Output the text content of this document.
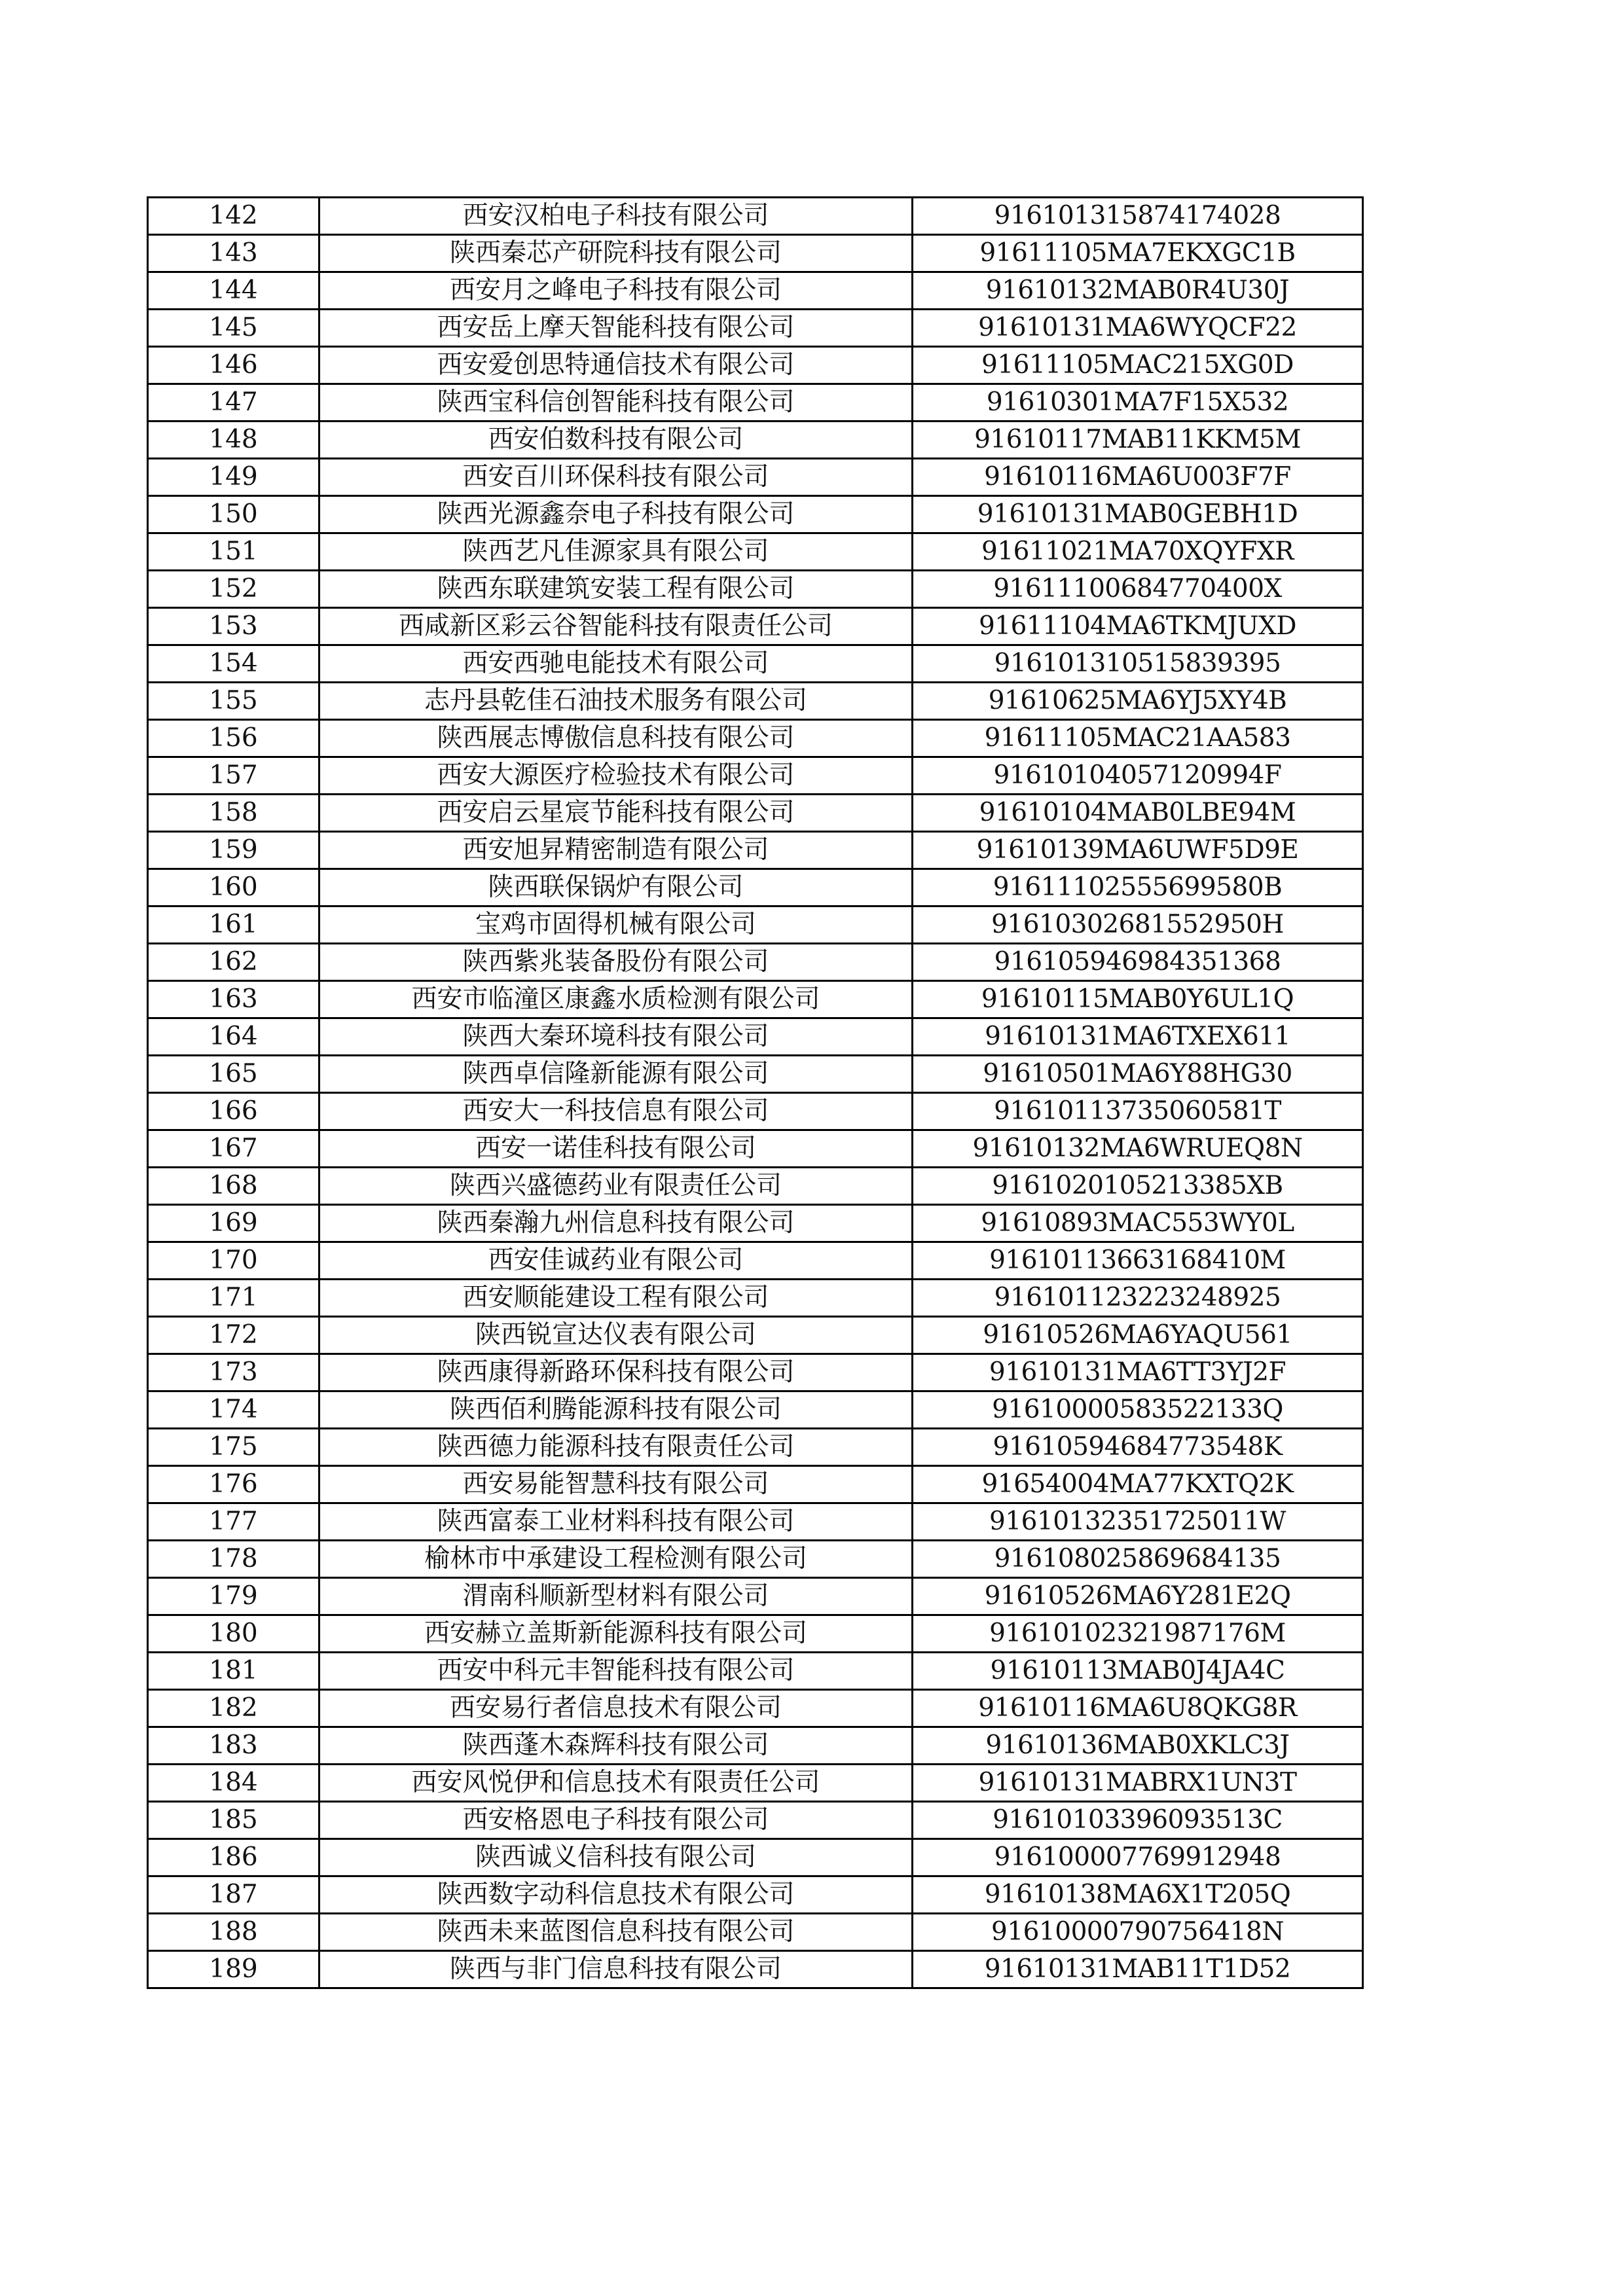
142	西安汉柏电子科技有限公司	916101315874174028
143	陕西秦芯产研院科技有限公司	91611105MA7EKXGC1B
144	西安月之峰电子科技有限公司	91610132MAB0R4U30J
145	西安岳上摩天智能科技有限公司	91610131MA6WYQCF22
146	西安爱创思特通信技术有限公司	91611105MAC215XG0D
147	陕西宝科信创智能科技有限公司	91610301MA7F15X532
148	西安伯数科技有限公司	91610117MAB11KKM5M
149	西安百川环保科技有限公司	91610116MA6U003F7F
150	陕西光源鑫奈电子科技有限公司	91610131MAB0GEBH1D
151	陕西艺凡佳源家具有限公司	91611021MA70XQYFXR
152	陕西东联建筑安装工程有限公司	91611100684770400X
153	西咸新区彩云谷智能科技有限责任公司	91611104MA6TKMJUXD
154	西安西驰电能技术有限公司	916101310515839395
155	志丹县乾佳石油技术服务有限公司	91610625MA6YJ5XY4B
156	陕西展志博傲信息科技有限公司	91611105MAC21AA583
157	西安大源医疗检验技术有限公司	91610104057120994F
158	西安启云星宸节能科技有限公司	91610104MAB0LBE94M
159	西安旭昇精密制造有限公司	91610139MA6UWF5D9E
160	陕西联保锅炉有限公司	91611102555699580B
161	宝鸡市固得机械有限公司	91610302681552950H
162	陕西紫兆装备股份有限公司	916105946984351368
163	西安市临潼区康鑫水质检测有限公司	91610115MAB0Y6UL1Q
164	陕西大秦环境科技有限公司	91610131MA6TXEX611
165	陕西卓信隆新能源有限公司	91610501MA6Y88HG30
166	西安大一科技信息有限公司	91610113735060581T
167	西安一诺佳科技有限公司	91610132MA6WRUEQ8N
168	陕西兴盛德药业有限责任公司	9161020105213385XB
169	陕西秦瀚九州信息科技有限公司	91610893MAC553WY0L
170	西安佳诚药业有限公司	91610113663168410M
171	西安顺能建设工程有限公司	916101123223248925
172	陕西锐宣达仪表有限公司	91610526MA6YAQU561
173	陕西康得新路环保科技有限公司	91610131MA6TT3YJ2F
174	陕西佰利腾能源科技有限公司	91610000583522133Q
175	陕西德力能源科技有限责任公司	91610594684773548K
176	西安易能智慧科技有限公司	91654004MA77KXTQ2K
177	陕西富泰工业材料科技有限公司	91610132351725011W
178	榆林市中承建设工程检测有限公司	916108025869684135
179	渭南科顺新型材料有限公司	91610526MA6Y281E2Q
180	西安赫立盖斯新能源科技有限公司	91610102321987176M
181	西安中科元丰智能科技有限公司	91610113MAB0J4JA4C
182	西安易行者信息技术有限公司	91610116MA6U8QKG8R
183	陕西蓬木森辉科技有限公司	91610136MAB0XKLC3J
184	西安风悦伊和信息技术有限责任公司	91610131MABRX1UN3T
185	西安格恩电子科技有限公司	91610103396093513C
186	陕西诚义信科技有限公司	916100007769912948
187	陕西数字动科信息技术有限公司	91610138MA6X1T205Q
188	陕西未来蓝图信息科技有限公司	91610000790756418N
189	陕西与非门信息科技有限公司	91610131MAB11T1D52
